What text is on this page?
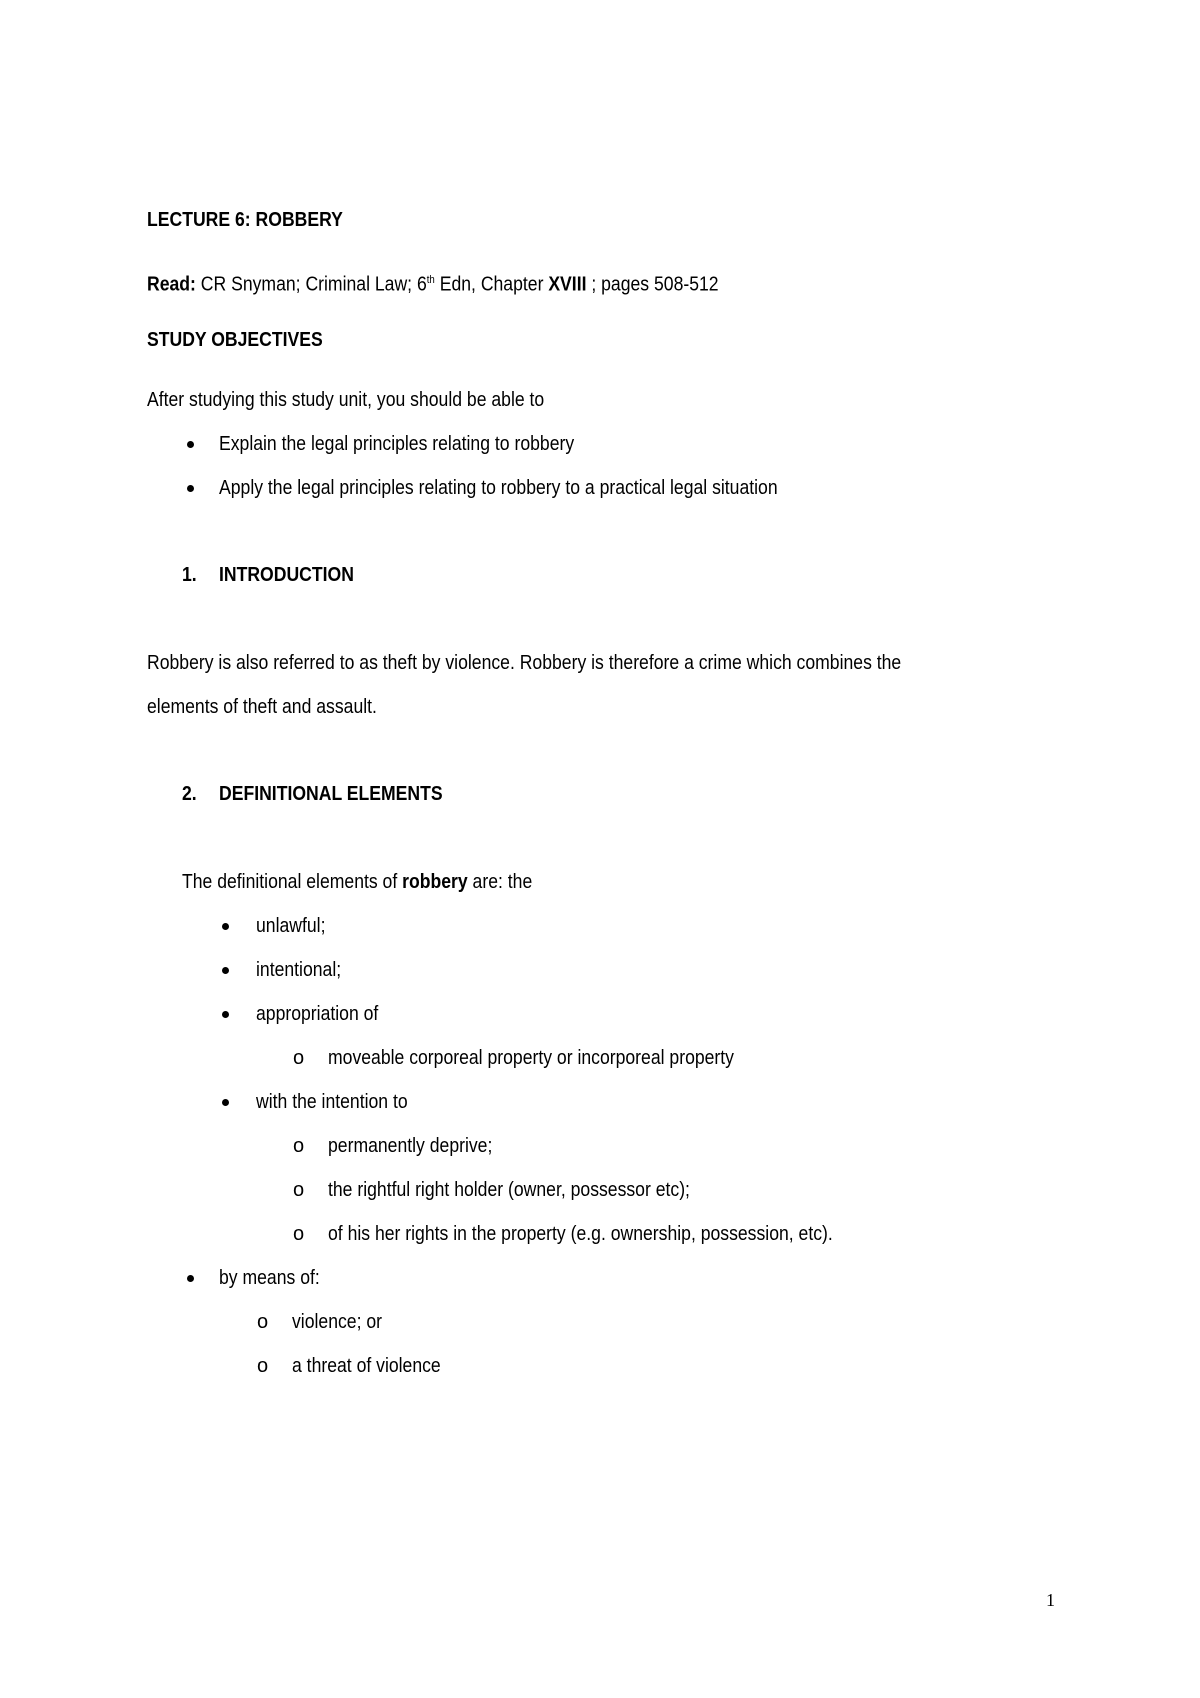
LECTURE 6: ROBBERY
Read: CR Snyman; Criminal Law; 6th Edn, Chapter XVIII ; pages 508-512
STUDY OBJECTIVES
After studying this study unit, you should be able to
Explain the legal principles relating to robbery
Apply the legal principles relating to robbery to a practical legal situation
1. INTRODUCTION
Robbery is also referred to as theft by violence. Robbery is therefore a crime which combines the
elements of theft and assault.
2. DEFINITIONAL ELEMENTS
The definitional elements of robbery are: the
unlawful;
intentional;
appropriation of
o moveable corporeal property or incorporeal property
with the intention to
o permanently deprive;
o the rightful right holder (owner, possessor etc);
o of his her rights in the property (e.g. ownership, possession, etc).
by means of:
o violence; or
o a threat of violence
1
